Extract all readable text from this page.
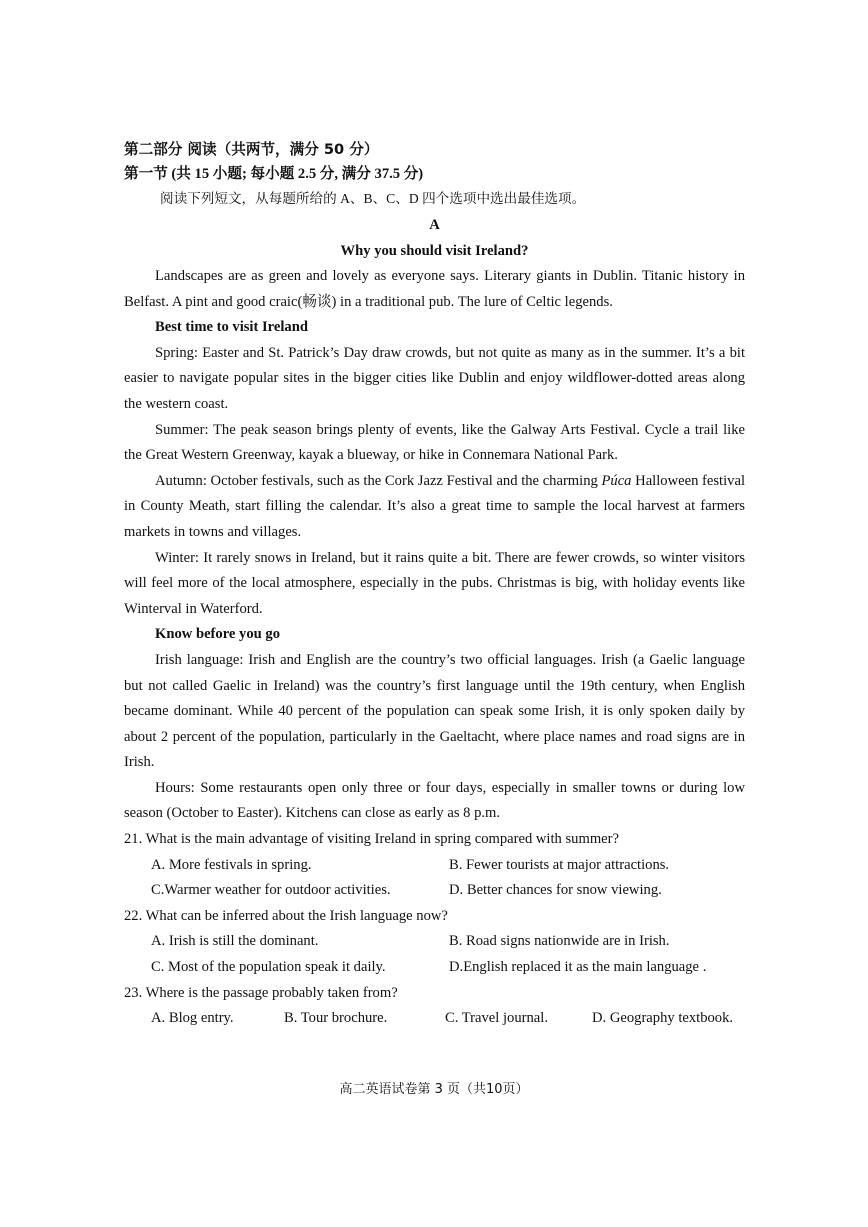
第二部分 阅读（共两节，满分 50 分）
第一节 (共 15 小题; 每小题 2.5 分, 满分 37.5 分)
阅读下列短文，从每题所给的 A、B、C、D 四个选项中选出最佳选项。
A
Why you should visit Ireland?

Landscapes are as green and lovely as everyone says. Literary giants in Dublin. Titanic history in Belfast. A pint and good craic(畅谈) in a traditional pub. The lure of Celtic legends.

Best time to visit Ireland

Spring: Easter and St. Patrick’s Day draw crowds, but not quite as many as in the summer. It’s a bit easier to navigate popular sites in the bigger cities like Dublin and enjoy wildflower-dotted areas along the western coast.

Summer: The peak season brings plenty of events, like the Galway Arts Festival. Cycle a trail like the Great Western Greenway, kayak a blueway, or hike in Connemara National Park.

Autumn: October festivals, such as the Cork Jazz Festival and the charming Púca Halloween festival in County Meath, start filling the calendar. It’s also a great time to sample the local harvest at farmers markets in towns and villages.

Winter: It rarely snows in Ireland, but it rains quite a bit. There are fewer crowds, so winter visitors will feel more of the local atmosphere, especially in the pubs. Christmas is big, with holiday events like Winterval in Waterford.

Know before you go

Irish language: Irish and English are the country’s two official languages. Irish (a Gaelic language but not called Gaelic in Ireland) was the country’s first language until the 19th century, when English became dominant. While 40 percent of the population can speak some Irish, it is only spoken daily by about 2 percent of the population, particularly in the Gaeltacht, where place names and road signs are in Irish.

Hours: Some restaurants open only three or four days, especially in smaller towns or during low season (October to Easter). Kitchens can close as early as 8 p.m.

21. What is the main advantage of visiting Ireland in spring compared with summer?
A. More festivals in spring.	B. Fewer tourists at major attractions.
C.Warmer weather for outdoor activities.	D. Better chances for snow viewing.
22. What can be inferred about the Irish language now?
A. Irish is still the dominant.	B. Road signs nationwide are in Irish.
C. Most of the population speak it daily.	D.English replaced it as the main language .
23. Where is the passage probably taken from?
A. Blog entry.	B. Tour brochure.	C. Travel journal.	D. Geography textbook.
高二英语试卷第 3 页（共10页）
